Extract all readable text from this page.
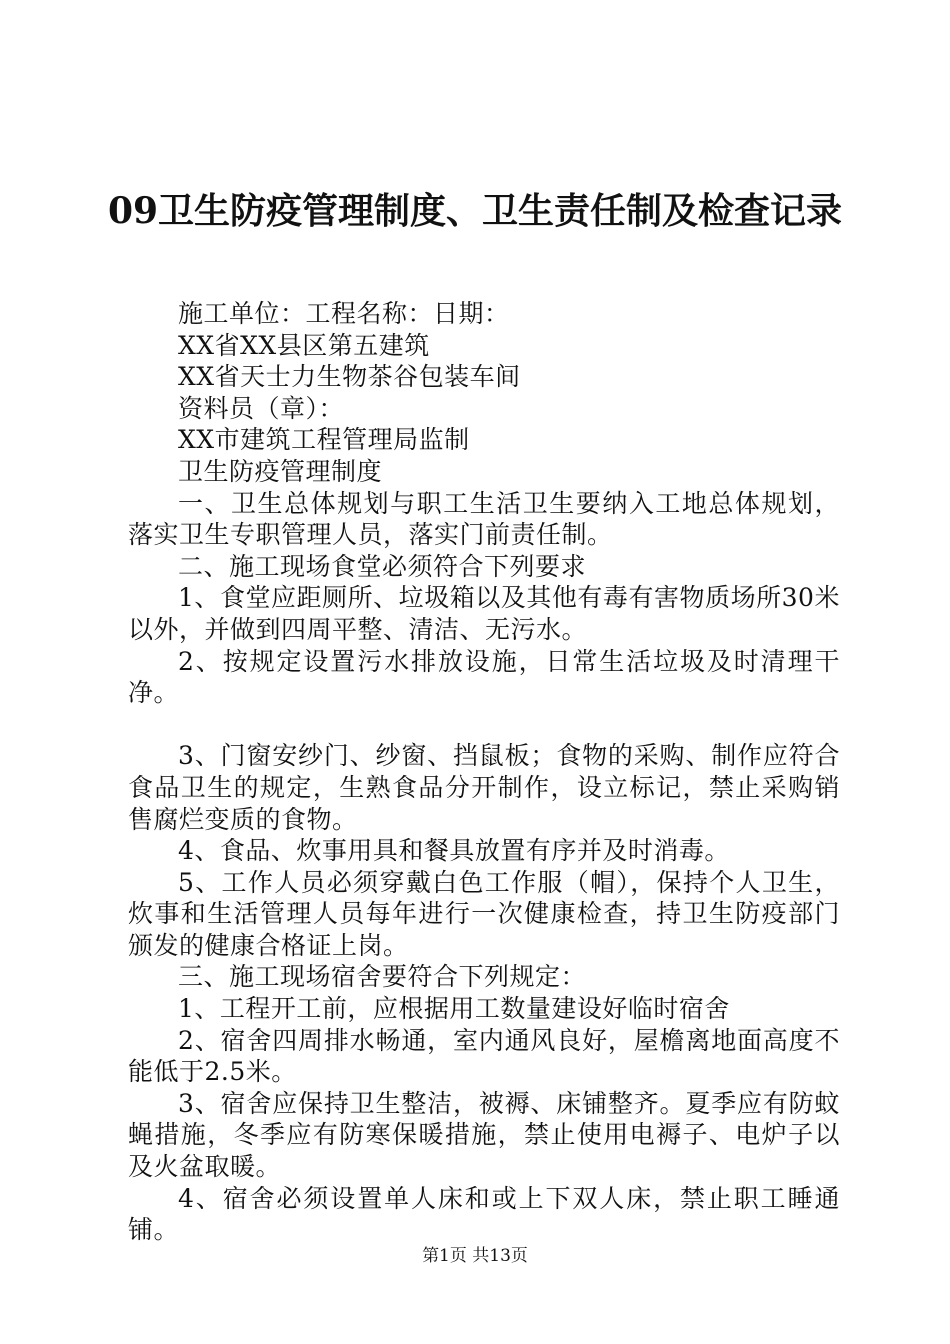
09卫生防疫管理制度、卫生责任制及检查记录

施工单位：工程名称：日期：

XX省XX县区第五建筑

XX省天士力生物茶谷包装车间

资料员（章）：

XX市建筑工程管理局监制

卫生防疫管理制度

一、卫生总体规划与职工生活卫生要纳入工地总体规划，落实卫生专职管理人员，落实门前责任制。

二、施工现场食堂必须符合下列要求

1、食堂应距厕所、垃圾箱以及其他有毒有害物质场所30米以外，并做到四周平整、清洁、无污水。

2、按规定设置污水排放设施，日常生活垃圾及时清理干净。

3、门窗安纱门、纱窗、挡鼠板；食物的采购、制作应符合食品卫生的规定，生熟食品分开制作，设立标记，禁止采购销售腐烂变质的食物。

4、食品、炊事用具和餐具放置有序并及时消毒。

5、工作人员必须穿戴白色工作服（帽），保持个人卫生，炊事和生活管理人员每年进行一次健康检查，持卫生防疫部门颁发的健康合格证上岗。

三、施工现场宿舍要符合下列规定：

1、工程开工前，应根据用工数量建设好临时宿舍

2、宿舍四周排水畅通，室内通风良好，屋檐离地面高度不能低于2.5米。

3、宿舍应保持卫生整洁，被褥、床铺整齐。夏季应有防蚊蝇措施，冬季应有防寒保暖措施，禁止使用电褥子、电炉子以及火盆取暖。

4、宿舍必须设置单人床和或上下双人床，禁止职工睡通铺。

第1页 共13页
